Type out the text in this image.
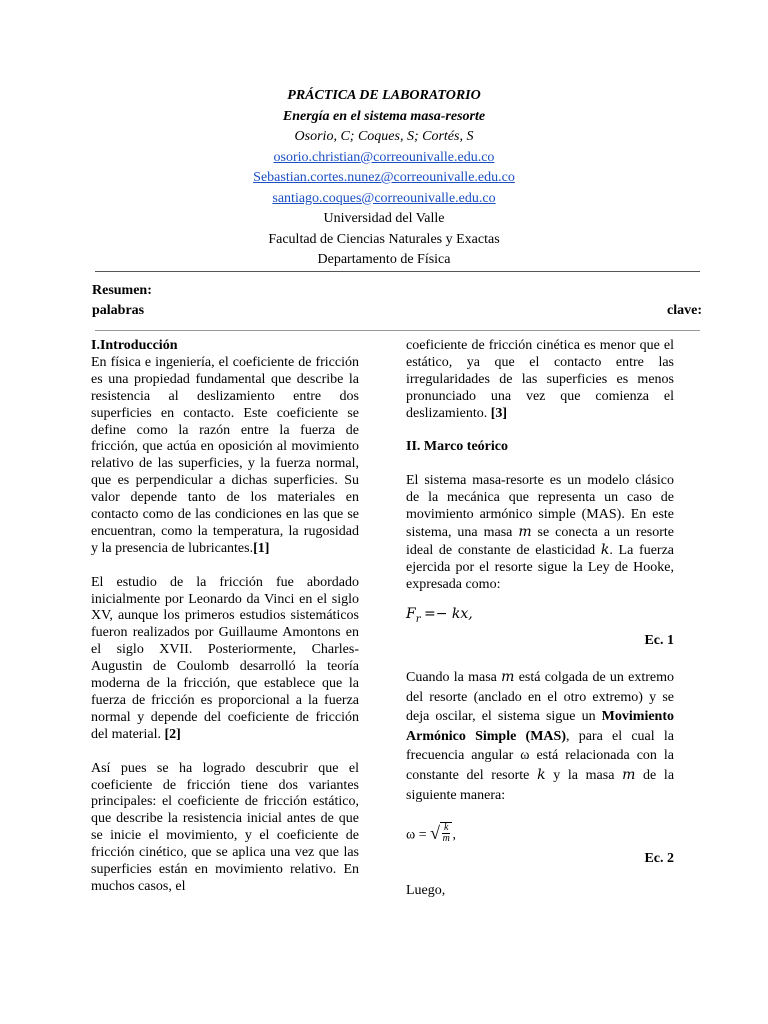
PRÁCTICA DE LABORATORIO
Energía en el sistema masa-resorte
Osorio, C; Coques, S; Cortés, S
osorio.christian@correounivalle.edu.co
Sebastian.cortes.nunez@correounivalle.edu.co
santiago.coques@correounivalle.edu.co
Universidad del Valle
Facultad de Ciencias Naturales y Exactas
Departamento de Física
Resumen:
palabras	clave:
I.Introducción

En física e ingeniería, el coeficiente de fricción es una propiedad fundamental que describe la resistencia al deslizamiento entre dos superficies en contacto. Este coeficiente se define como la razón entre la fuerza de fricción, que actúa en oposición al movimiento relativo de las superficies, y la fuerza normal, que es perpendicular a dichas superficies. Su valor depende tanto de los materiales en contacto como de las condiciones en las que se encuentran, como la temperatura, la rugosidad y la presencia de lubricantes.[1]

El estudio de la fricción fue abordado inicialmente por Leonardo da Vinci en el siglo XV, aunque los primeros estudios sistemáticos fueron realizados por Guillaume Amontons en el siglo XVII. Posteriormente, Charles-Augustin de Coulomb desarrolló la teoría moderna de la fricción, que establece que la fuerza de fricción es proporcional a la fuerza normal y depende del coeficiente de fricción del material. [2]

Así pues se ha logrado descubrir que el coeficiente de fricción tiene dos variantes principales: el coeficiente de fricción estático, que describe la resistencia inicial antes de que se inicie el movimiento, y el coeficiente de fricción cinético, que se aplica una vez que las superficies están en movimiento relativo. En muchos casos, el

coeficiente de fricción cinética es menor que el estático, ya que el contacto entre las irregularidades de las superficies es menos pronunciado una vez que comienza el deslizamiento. [3]

II. Marco teórico

El sistema masa-resorte es un modelo clásico de la mecánica que representa un caso de movimiento armónico simple (MAS). En este sistema, una masa m se conecta a un resorte ideal de constante de elasticidad k. La fuerza ejercida por el resorte sigue la Ley de Hooke, expresada como:

$F_r$ =− kx,
Ec. 1

Cuando la masa m está colgada de un extremo del resorte (anclado en el otro extremo) y se deja oscilar, el sistema sigue un Movimiento Armónico Simple (MAS), para el cual la frecuencia angular ω está relacionada con la constante del resorte k y la masa m de la siguiente manera:

ω = √ $\frac{k}{m}$ ,
Ec. 2

Luego,
